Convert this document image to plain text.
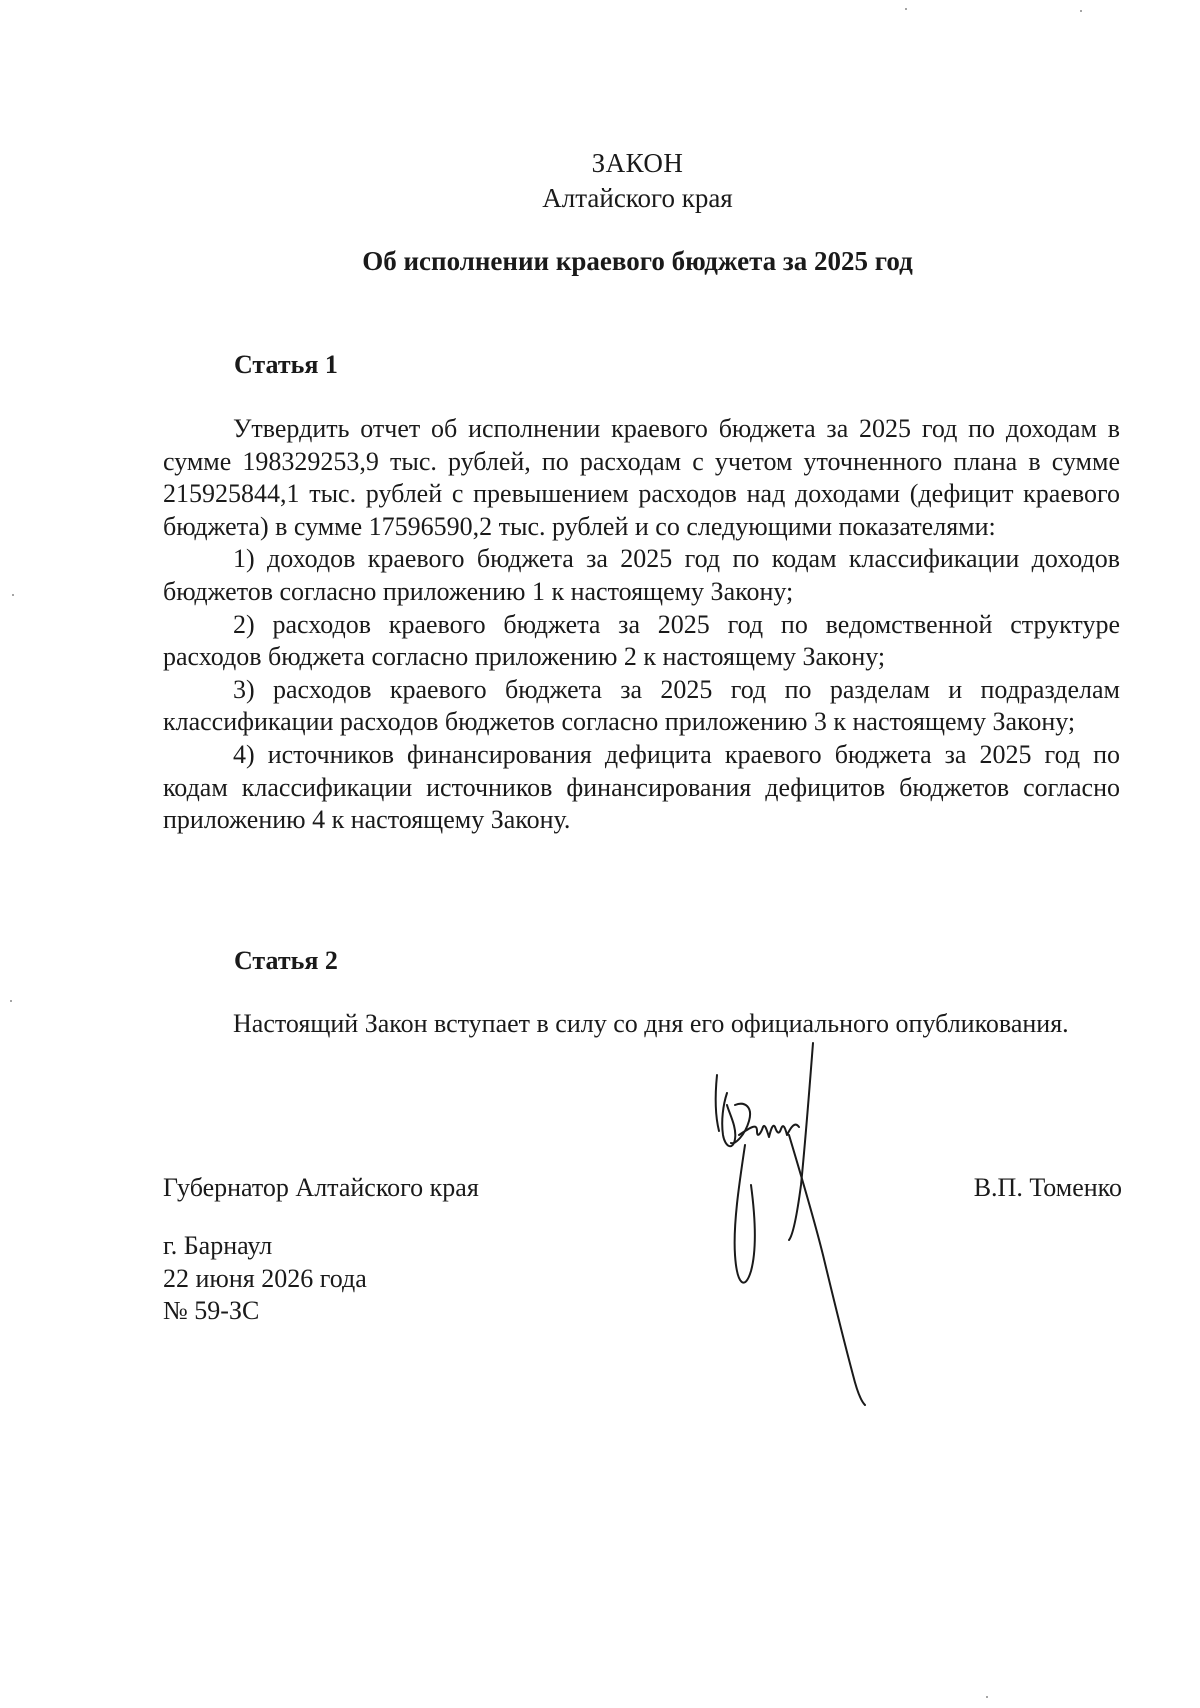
ЗАКОН
Алтайского края
Об исполнении краевого бюджета за 2025 год
Статья 1

Утвердить отчет об исполнении краевого бюджета за 2025 год по доходам в сумме 198329253,9 тыс. рублей, по расходам с учетом уточненного плана в сумме 215925844,1 тыс. рублей с превышением расходов над доходами (дефицит краевого бюджета) в сумме 17596590,2 тыс. рублей и со следующими показателями:

1) доходов краевого бюджета за 2025 год по кодам классификации доходов бюджетов согласно приложению 1 к настоящему Закону;

2) расходов краевого бюджета за 2025 год по ведомственной структуре расходов бюджета согласно приложению 2 к настоящему Закону;

3) расходов краевого бюджета за 2025 год по разделам и подразделам классификации расходов бюджетов согласно приложению 3 к настоящему Закону;

4) источников финансирования дефицита краевого бюджета за 2025 год по кодам классификации источников финансирования дефицитов бюджетов согласно приложению 4 к настоящему Закону.

Статья 2

Настоящий Закон вступает в силу со дня его официального опубликования.

Губернатор Алтайского края	В.П. Томенко
г. Барнаул
22 июня 2026 года
№ 59-ЗС
